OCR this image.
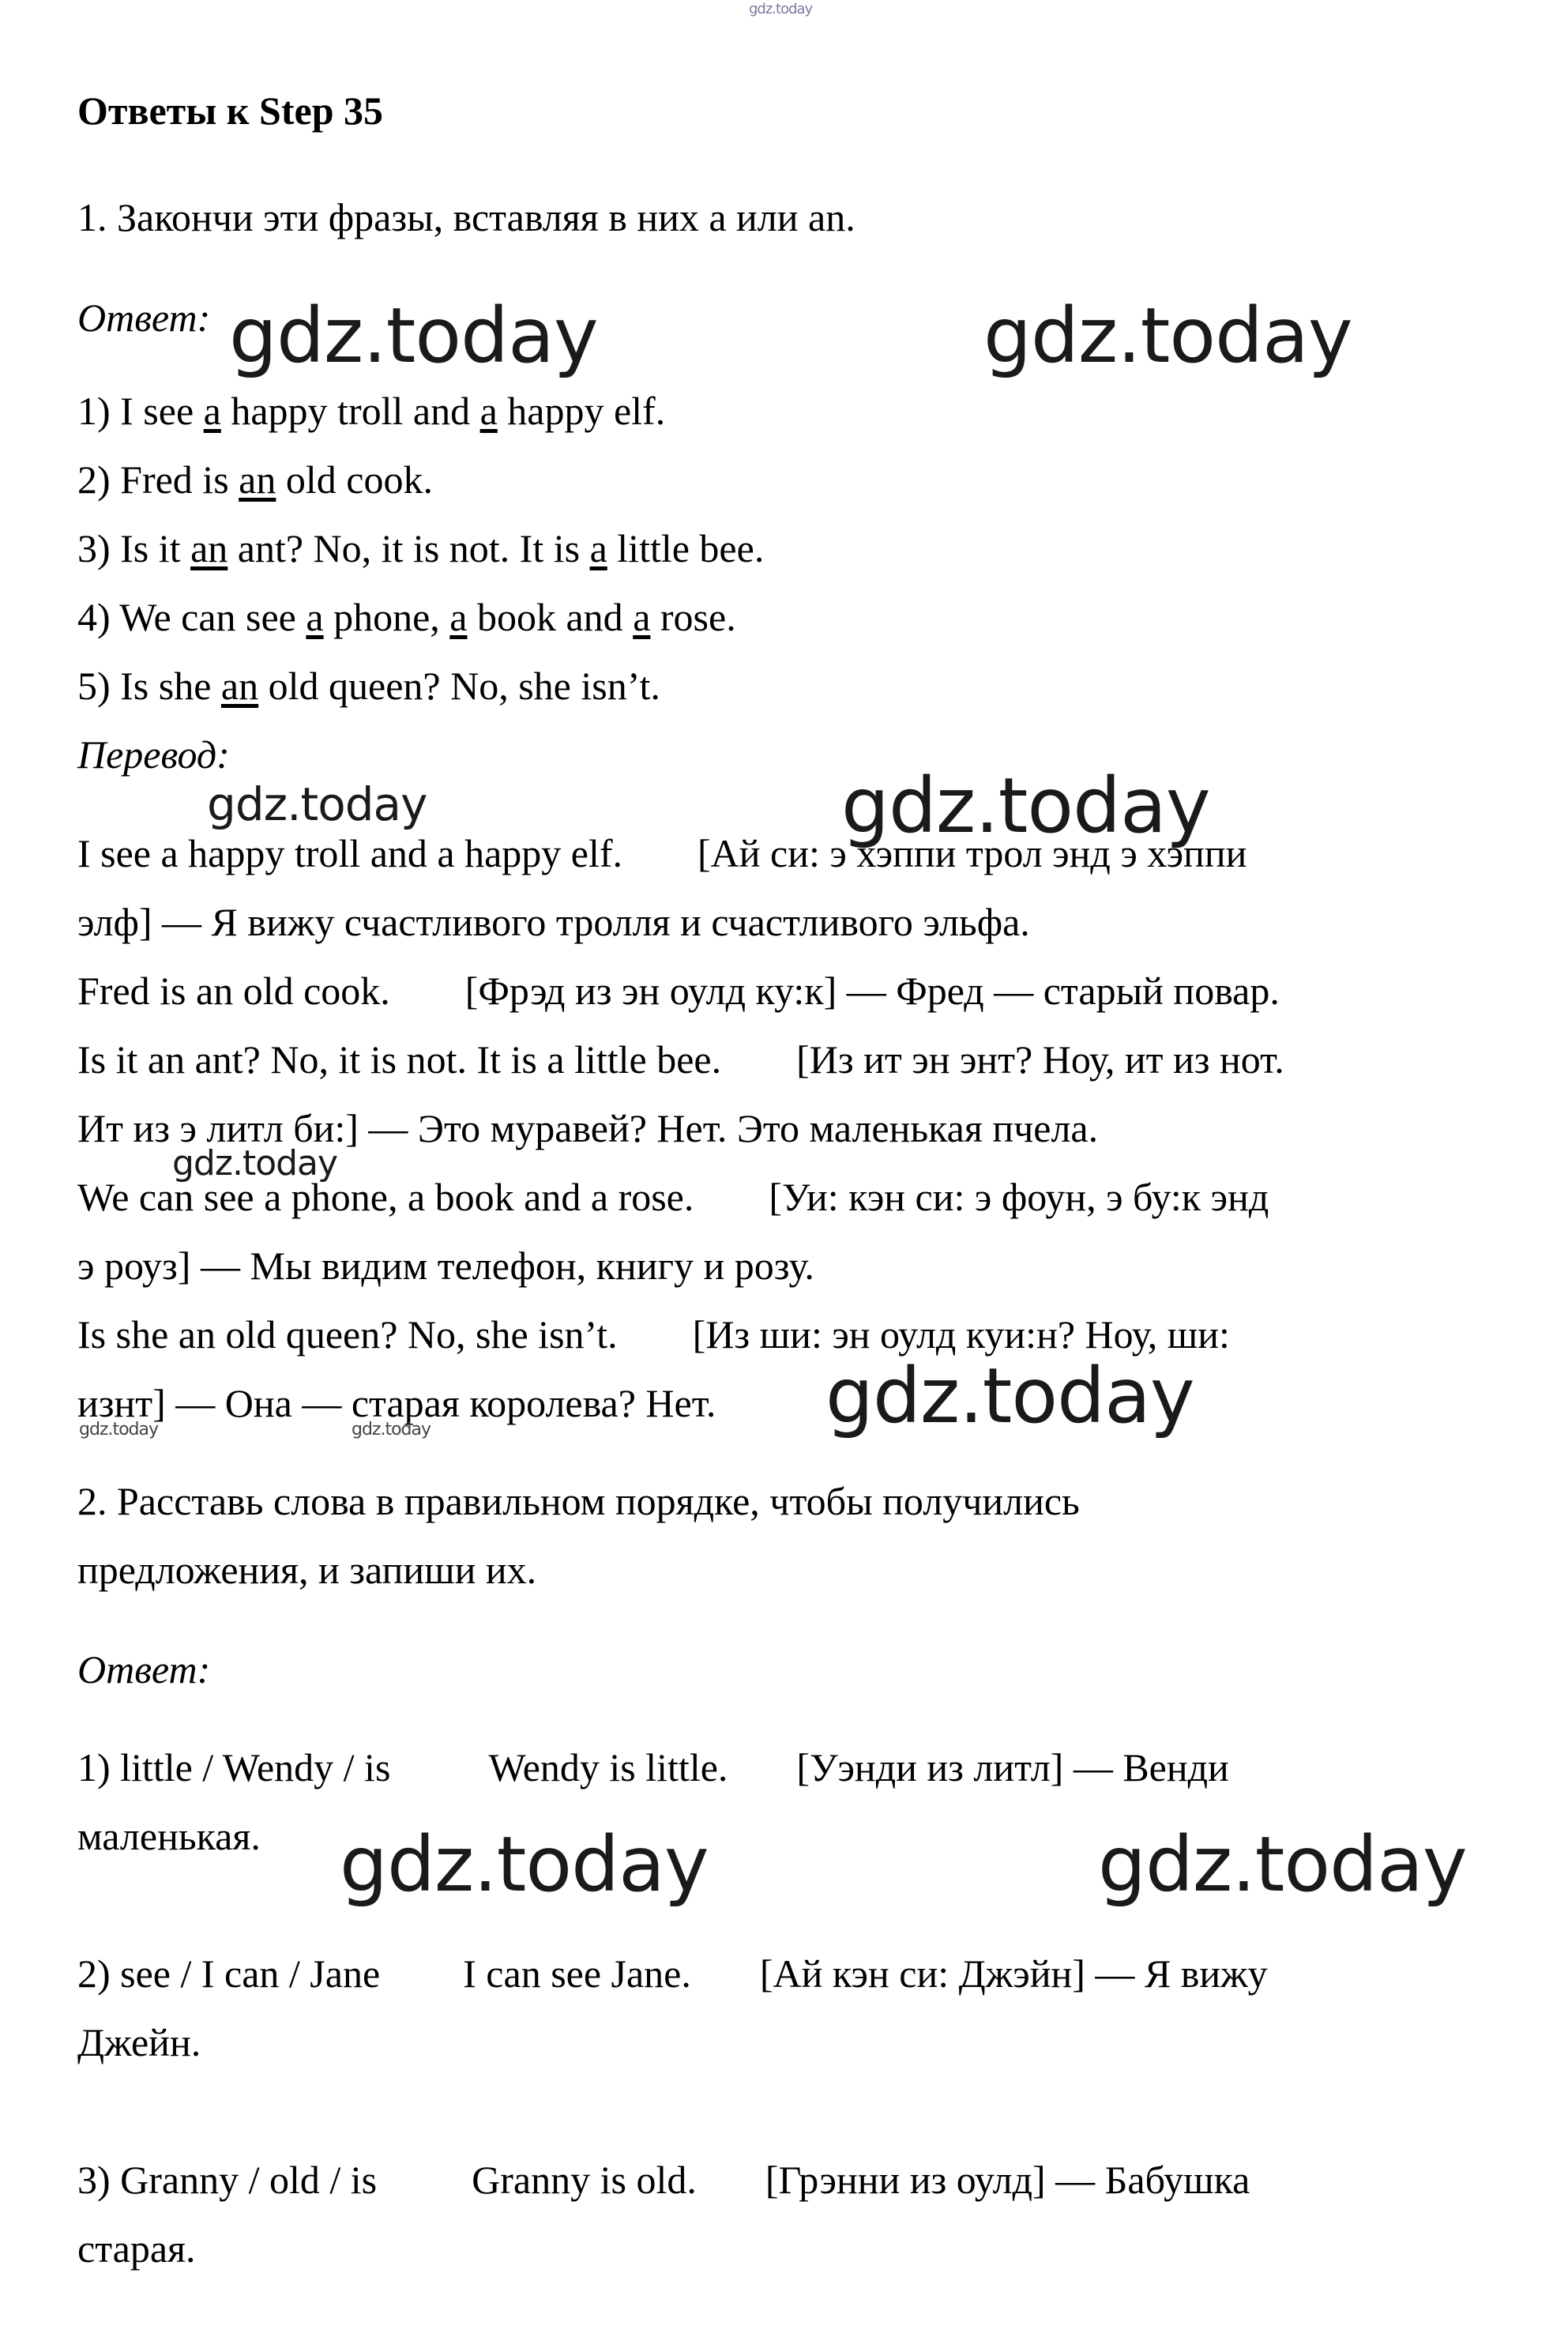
gdz.today
Ответы к Step 35
1. Закончи эти фразы, вставляя в них a или an.
Ответ: gdz.today	gdz.today
1) I see a happy troll and a happy elf.
2) Fred is an old cook.
3) Is it an ant? No, it is not. It is a little bee.
4) We can see a phone, a book and a rose.
5) Is she an old queen? No, she isn’t.
Перевод:
gdz.today	gdz.today
I see a happy troll and a happy elf. [Ай си: э хэппи трол энд э хэппи
элф] — Я вижу счастливого тролля и счастливого эльфа.
Fred is an old cook. [Фрэд из эн оулд ку:к] — Фред — старый повар.
Is it an ant? No, it is not. It is a little bee. [Из ит эн энт? Ноу, ит из нот.
Ит из э литл би:] — Это муравей? Нет. Это маленькая пчела.
gdz.today
We can see a phone, a book and a rose. [Уи: кэн си: э фоун, э бу:к энд
э роуз] — Мы видим телефон, книгу и розу.
Is she an old queen? No, she isn’t. [Из ши: эн оулд куи:н? Ноу, ши:
изнт] — Она — старая королева? Нет. gdz.today
gdz.today	gdz.today
2. Расставь слова в правильном порядке, чтобы получились
предложения, и запиши их.
Ответ:
1) little / Wendy / is Wendy is little. [Уэнди из литл] — Венди
маленькая. gdz.today	gdz.today
2) see / I can / Jane I can see Jane. [Ай кэн си: Джэйн] — Я вижу
Джейн.
3) Granny / old / is Granny is old. [Грэнни из оулд] — Бабушка
старая.
